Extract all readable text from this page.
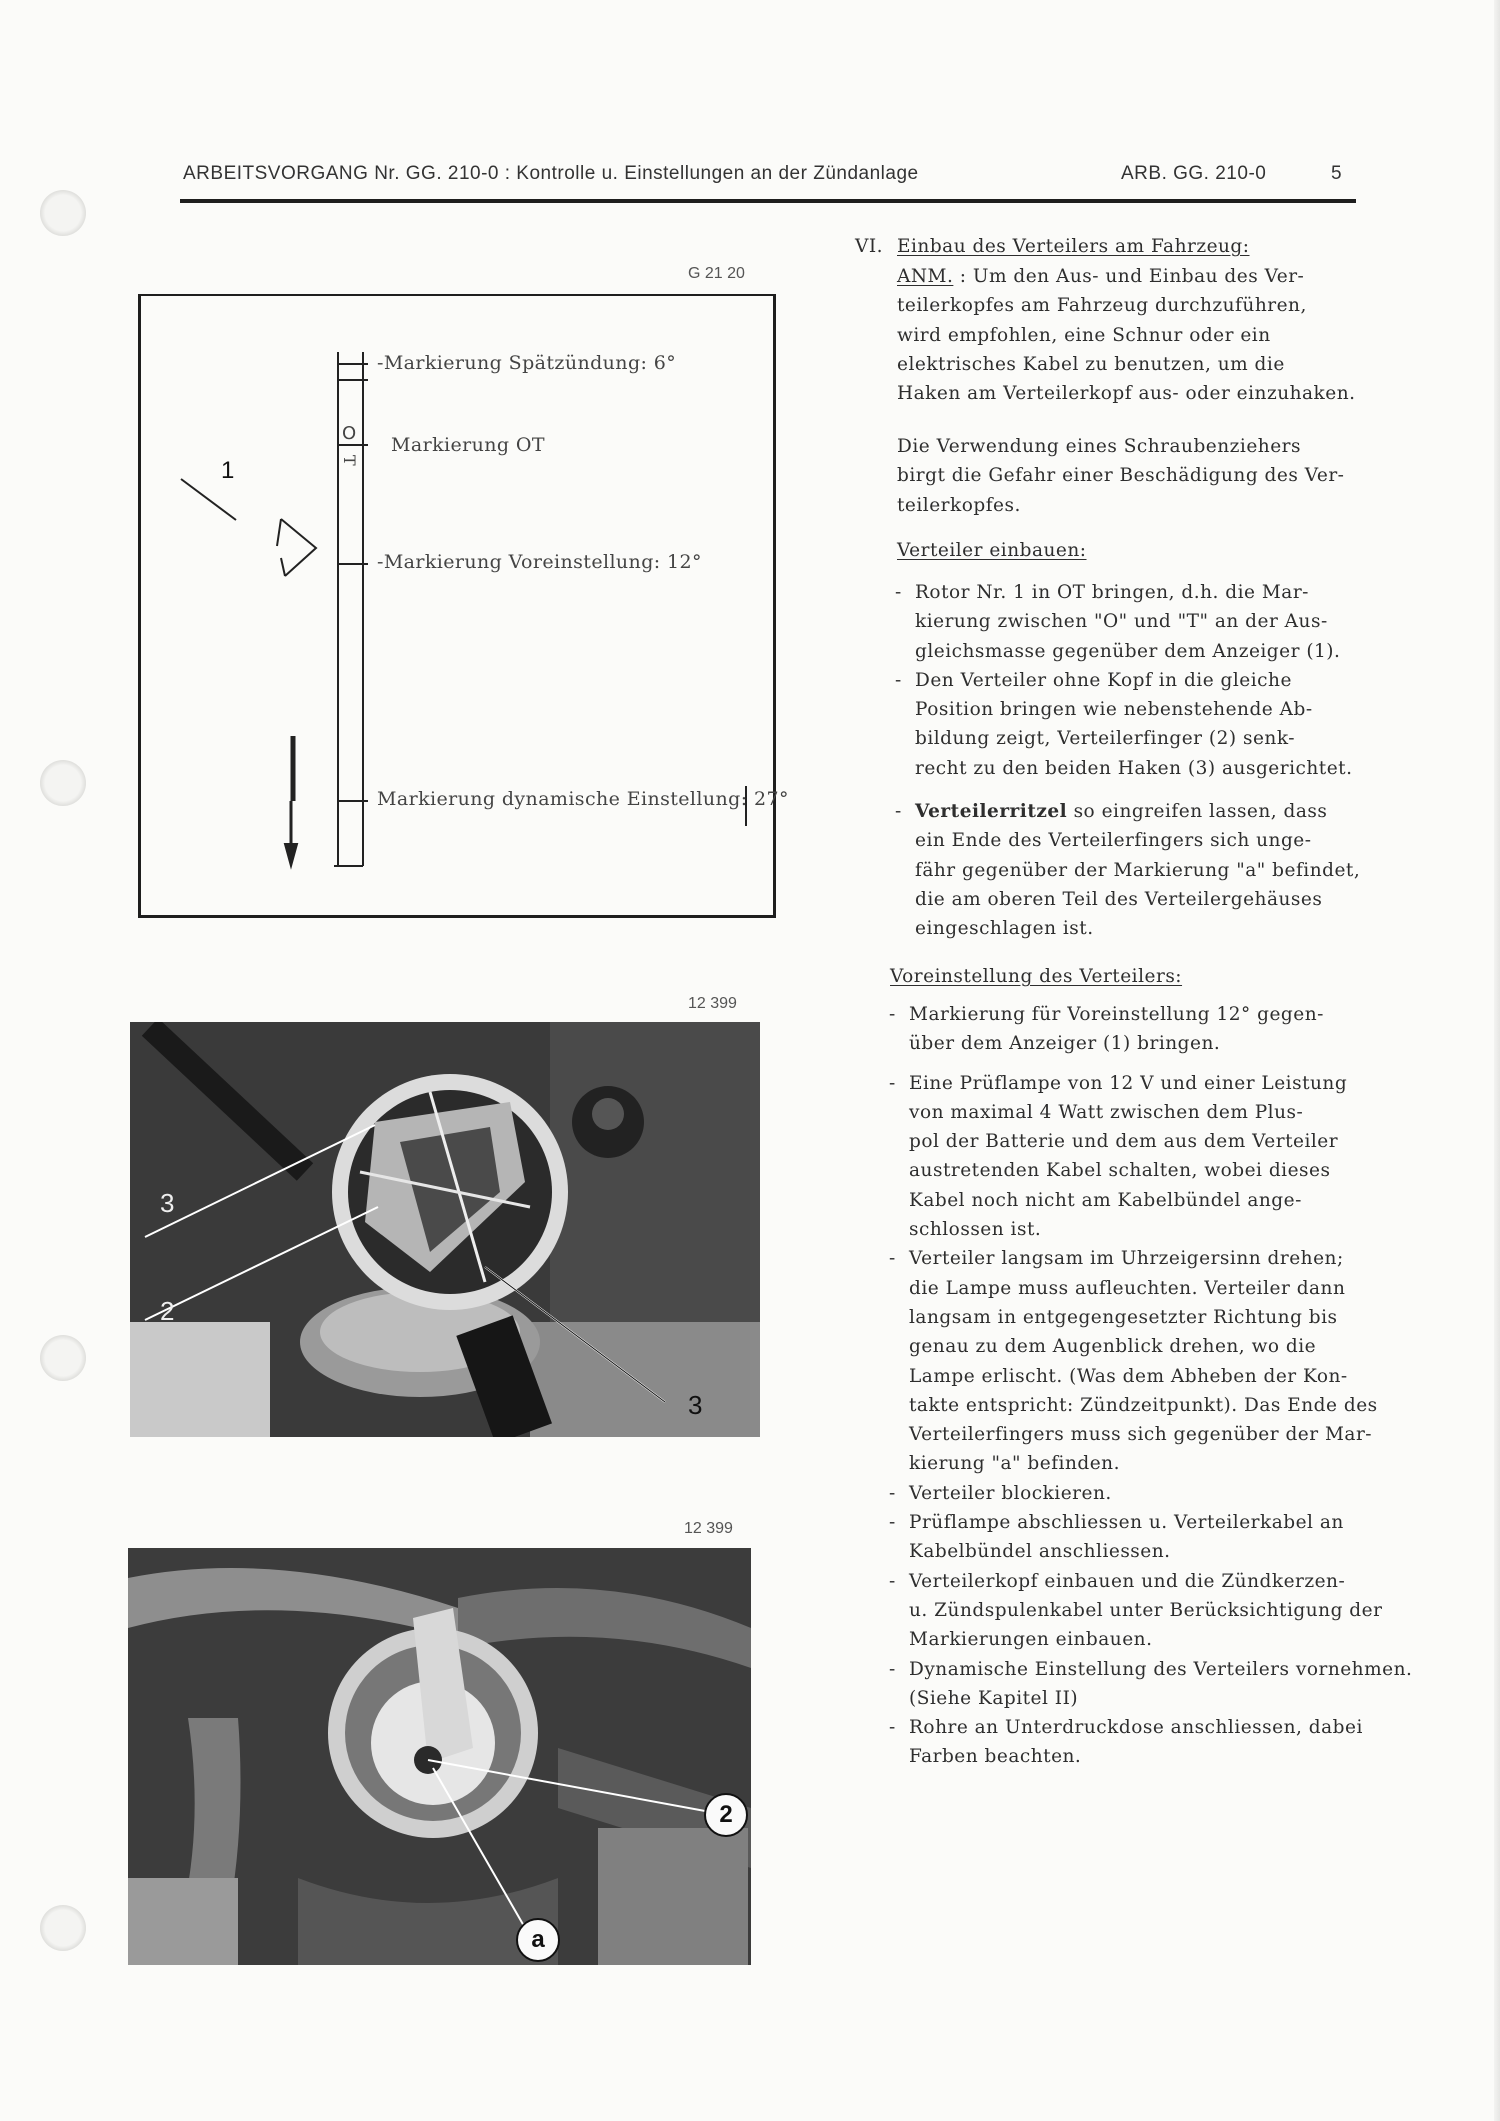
ARBEITSVORGANG Nr. GG. 210-0 : Kontrolle u. Einstellungen an der Zündanlage	ARB. GG. 210-0	5
G 21 20
12 399
12 399
1
O
T
-Markierung Spätzündung: 6°
Markierung OT
-Markierung Voreinstellung: 12°
Markierung dynamische Einstellung: 27°
3
2
3
2
a

VI. Einbau des Verteilers am Fahrzeug:

ANM. : Um den Aus- und Einbau des Ver-

teilerkopfes am Fahrzeug durchzuführen,

wird empfohlen, eine Schnur oder ein

elektrisches Kabel zu benutzen, um die

Haken am Verteilerkopf aus- oder einzuhaken.

Die Verwendung eines Schraubenziehers

birgt die Gefahr einer Beschädigung des Ver-

teilerkopfes.

Verteiler einbauen:

- Rotor Nr. 1 in OT bringen, d.h. die Mar-

kierung zwischen "O" und "T" an der Aus-

gleichsmasse gegenüber dem Anzeiger (1).

- Den Verteiler ohne Kopf in die gleiche

Position bringen wie nebenstehende Ab-

bildung zeigt, Verteilerfinger (2) senk-

recht zu den beiden Haken (3) ausgerichtet.

- Verteilerritzel so eingreifen lassen, dass

ein Ende des Verteilerfingers sich unge-

fähr gegenüber der Markierung "a" befindet,

die am oberen Teil des Verteilergehäuses

eingeschlagen ist.

Voreinstellung des Verteilers:

- Markierung für Voreinstellung 12° gegen-

über dem Anzeiger (1) bringen.

- Eine Prüflampe von 12 V und einer Leistung

von maximal 4 Watt zwischen dem Plus-

pol der Batterie und dem aus dem Verteiler

austretenden Kabel schalten, wobei dieses

Kabel noch nicht am Kabelbündel ange-

schlossen ist.

- Verteiler langsam im Uhrzeigersinn drehen;

die Lampe muss aufleuchten. Verteiler dann

langsam in entgegengesetzter Richtung bis

genau zu dem Augenblick drehen, wo die

Lampe erlischt. (Was dem Abheben der Kon-

takte entspricht: Zündzeitpunkt). Das Ende des

Verteilerfingers muss sich gegenüber der Mar-

kierung "a" befinden.

- Verteiler blockieren.

- Prüflampe abschliessen u. Verteilerkabel an

Kabelbündel anschliessen.

- Verteilerkopf einbauen und die Zündkerzen-

u. Zündspulenkabel unter Berücksichtigung der

Markierungen einbauen.

- Dynamische Einstellung des Verteilers vornehmen.

(Siehe Kapitel II)

- Rohre an Unterdruckdose anschliessen, dabei

Farben beachten.
